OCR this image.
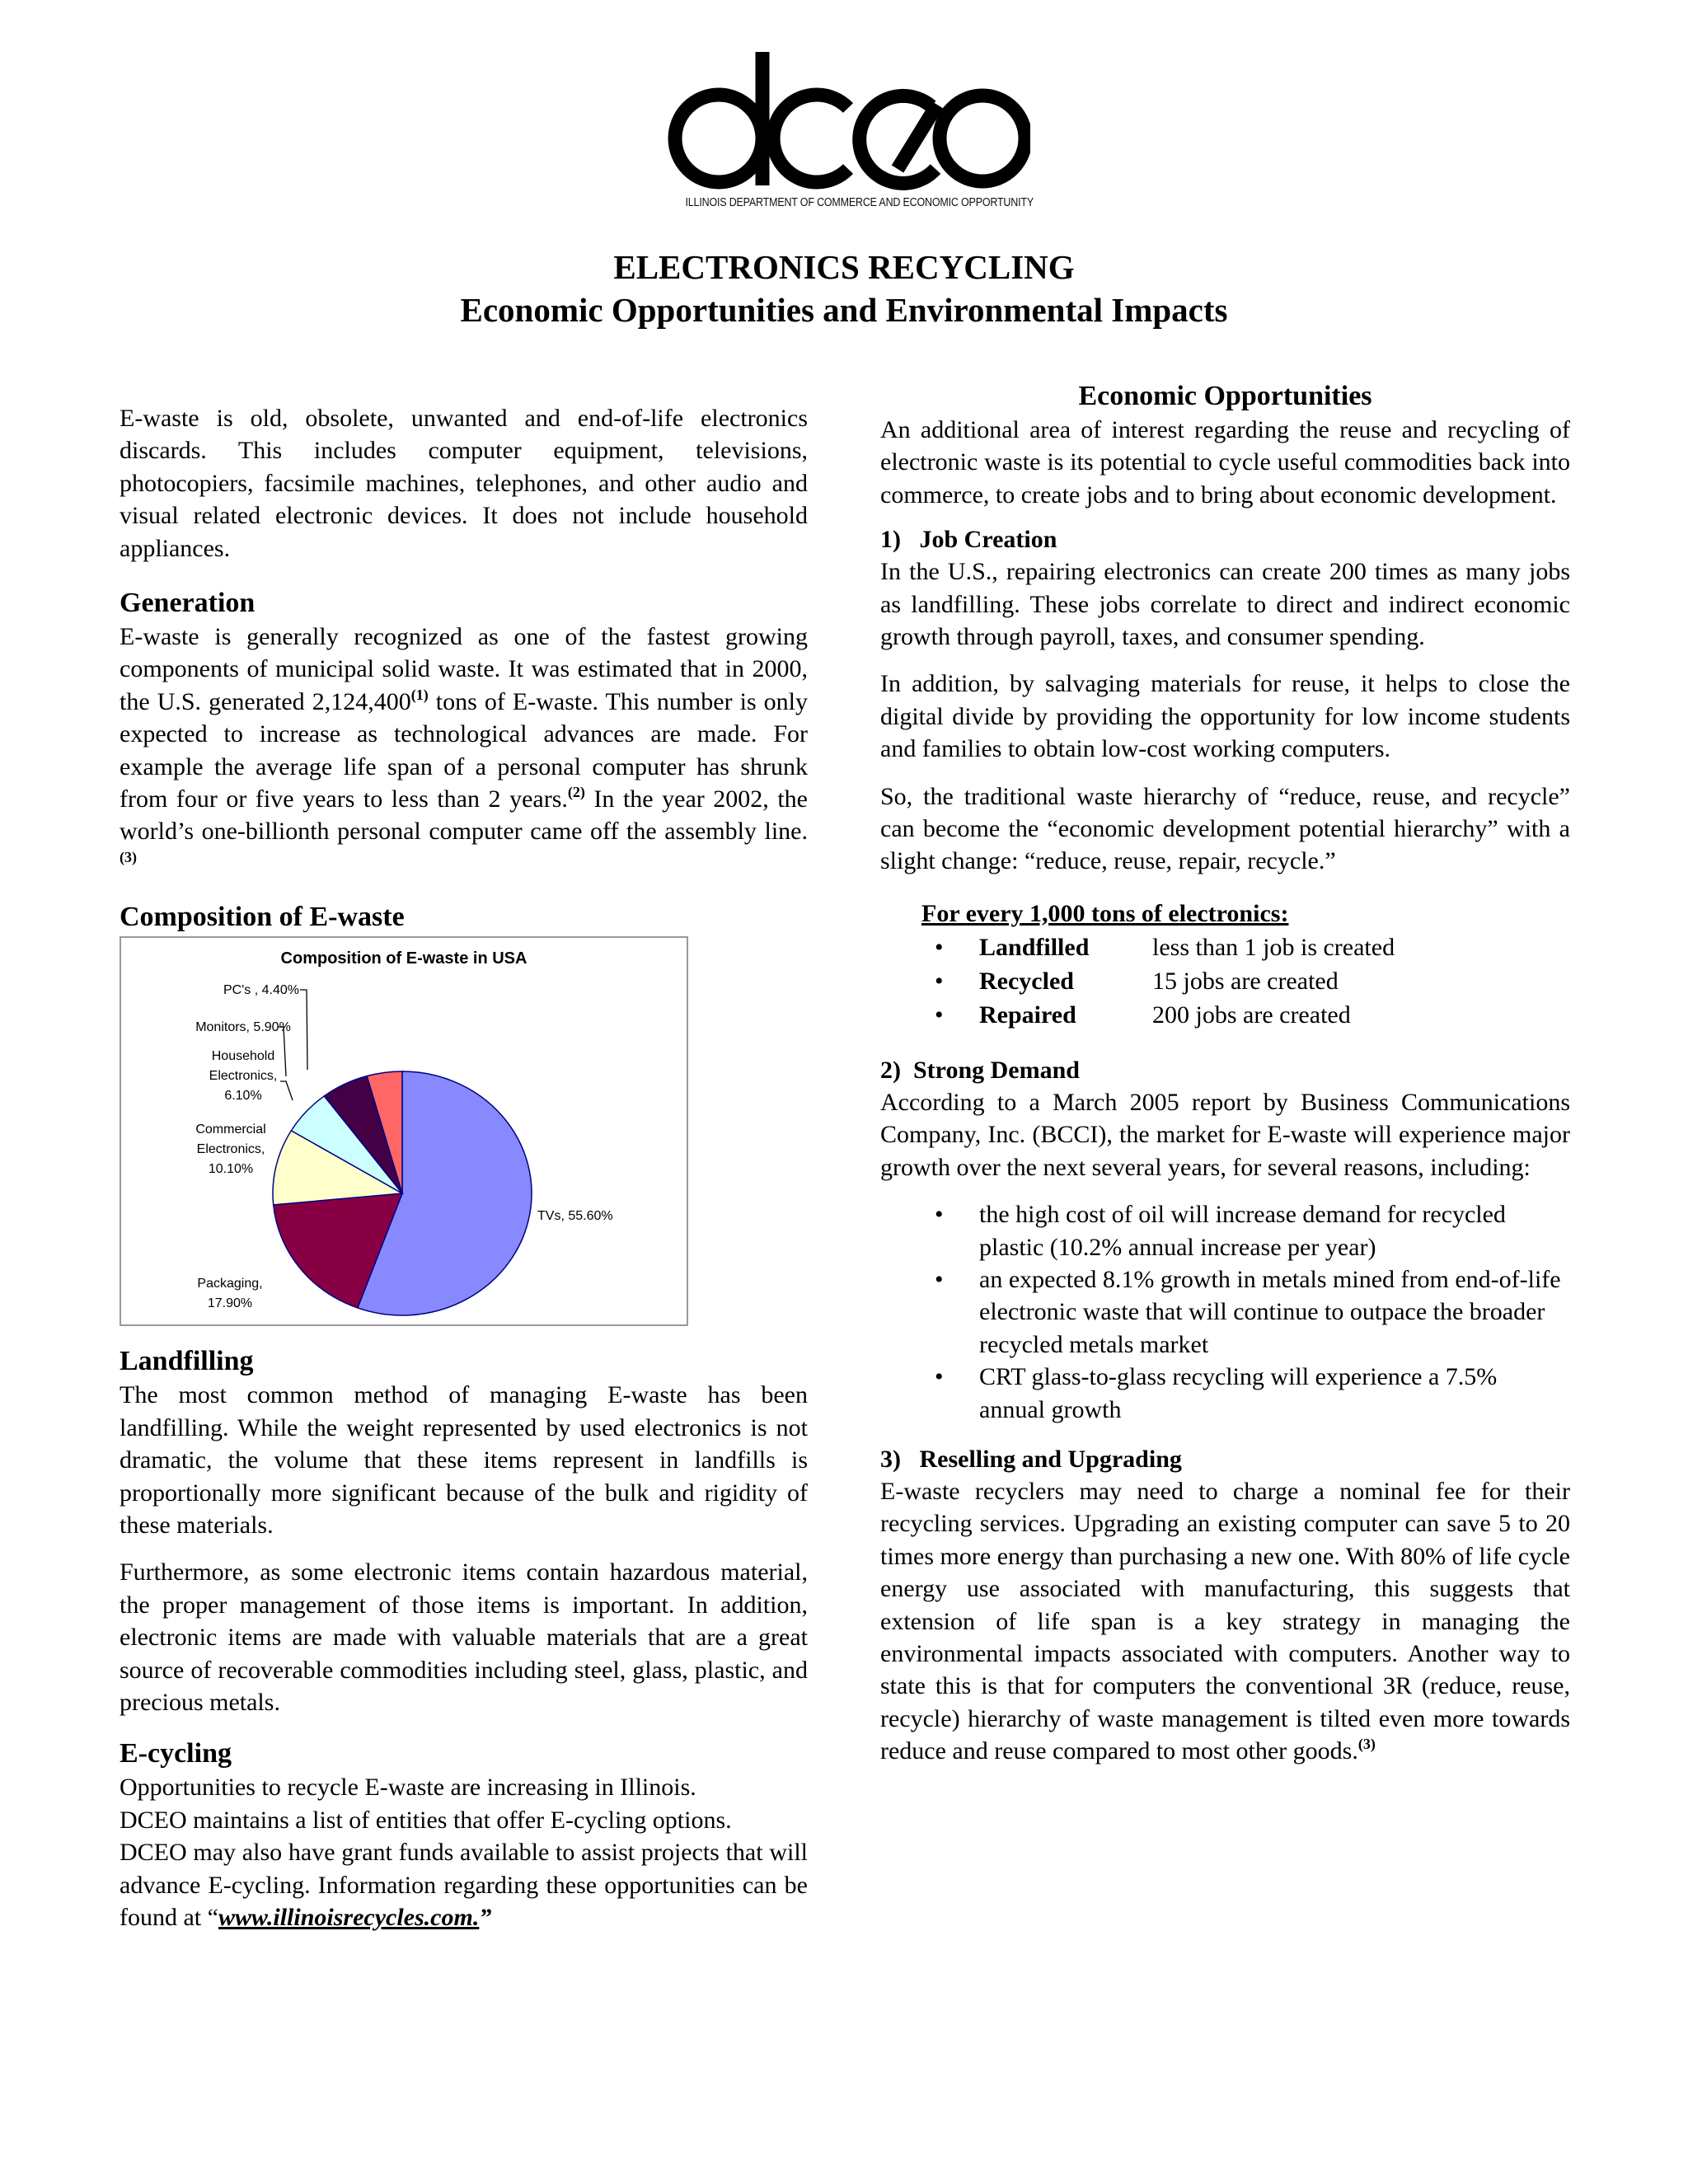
ILLINOIS DEPARTMENT OF COMMERCE AND ECONOMIC OPPORTUNITY
ELECTRONICS RECYCLING
Economic Opportunities and Environmental Impacts

E-waste is old, obsolete, unwanted and end-of-life electronics discards. This includes computer equipment, televisions, photocopiers, facsimile machines, telephones, and other audio and visual related electronic devices. It does not include household appliances.

Generation

E-waste is generally recognized as one of the fastest growing components of municipal solid waste. It was estimated that in 2000, the U.S. generated 2,124,400$^{(1)}$ tons of E-waste. This number is only expected to increase as technological advances are made. For example the average life span of a personal computer has shrunk from four or five years to less than 2 years.$^{(2)}$ In the year 2002, the world’s one-billionth personal computer came off the assembly line.$^{(3)}$

Composition of E-waste
Composition of E-waste in USA
TVs, 55.60%
Packaging, 17.90%
Commercial Electronics, 10.10%
Household Electronics, 6.10%
Monitors, 5.90%
PC's , 4.40%
Landfilling

The most common method of managing E-waste has been landfilling. While the weight represented by used electronics is not dramatic, the volume that these items represent in landfills is proportionally more significant because of the bulk and rigidity of these materials.

Furthermore, as some electronic items contain hazardous material, the proper management of those items is important. In addition, electronic items are made with valuable materials that are a great source of recoverable commodities including steel, glass, plastic, and precious metals.

E-cycling

Opportunities to recycle E-waste are increasing in Illinois.

DCEO maintains a list of entities that offer E-cycling options.

DCEO may also have grant funds available to assist projects that will advance E-cycling. Information regarding these opportunities can be found at “www.illinoisrecycles.com.”

Economic Opportunities

An additional area of interest regarding the reuse and recycling of electronic waste is its potential to cycle useful commodities back into commerce, to create jobs and to bring about economic development.

1)   Job Creation

In the U.S., repairing electronics can create 200 times as many jobs as landfilling. These jobs correlate to direct and indirect economic growth through payroll, taxes, and consumer spending.

In addition, by salvaging materials for reuse, it helps to close the digital divide by providing the opportunity for low income students and families to obtain low-cost working computers.

So, the traditional waste hierarchy of “reduce, reuse, and recycle” can become the “economic development potential hierarchy” with a slight change: “reduce, reuse, repair, recycle.”

For every 1,000 tons of electronics:
• Landfilled	less than 1 job is created
• Recycled	15 jobs are created
• Repaired	200 jobs are created
2)  Strong Demand

According to a March 2005 report by Business Communications Company, Inc. (BCCI), the market for E-waste will experience major growth over the next several years, for several reasons, including:

• the high cost of oil will increase demand for recycled plastic (10.2% annual increase per year)
• an expected 8.1% growth in metals mined from end-of-life electronic waste that will continue to outpace the broader recycled metals market
• CRT glass-to-glass recycling will experience a 7.5% annual growth
3)   Reselling and Upgrading

E-waste recyclers may need to charge a nominal fee for their recycling services. Upgrading an existing computer can save 5 to 20 times more energy than purchasing a new one. With 80% of life cycle energy use associated with manufacturing, this suggests that extension of life span is a key strategy in managing the environmental impacts associated with computers. Another way to state this is that for computers the conventional 3R (reduce, reuse, recycle) hierarchy of waste management is tilted even more towards reduce and reuse compared to most other goods.$^{(3)}$
